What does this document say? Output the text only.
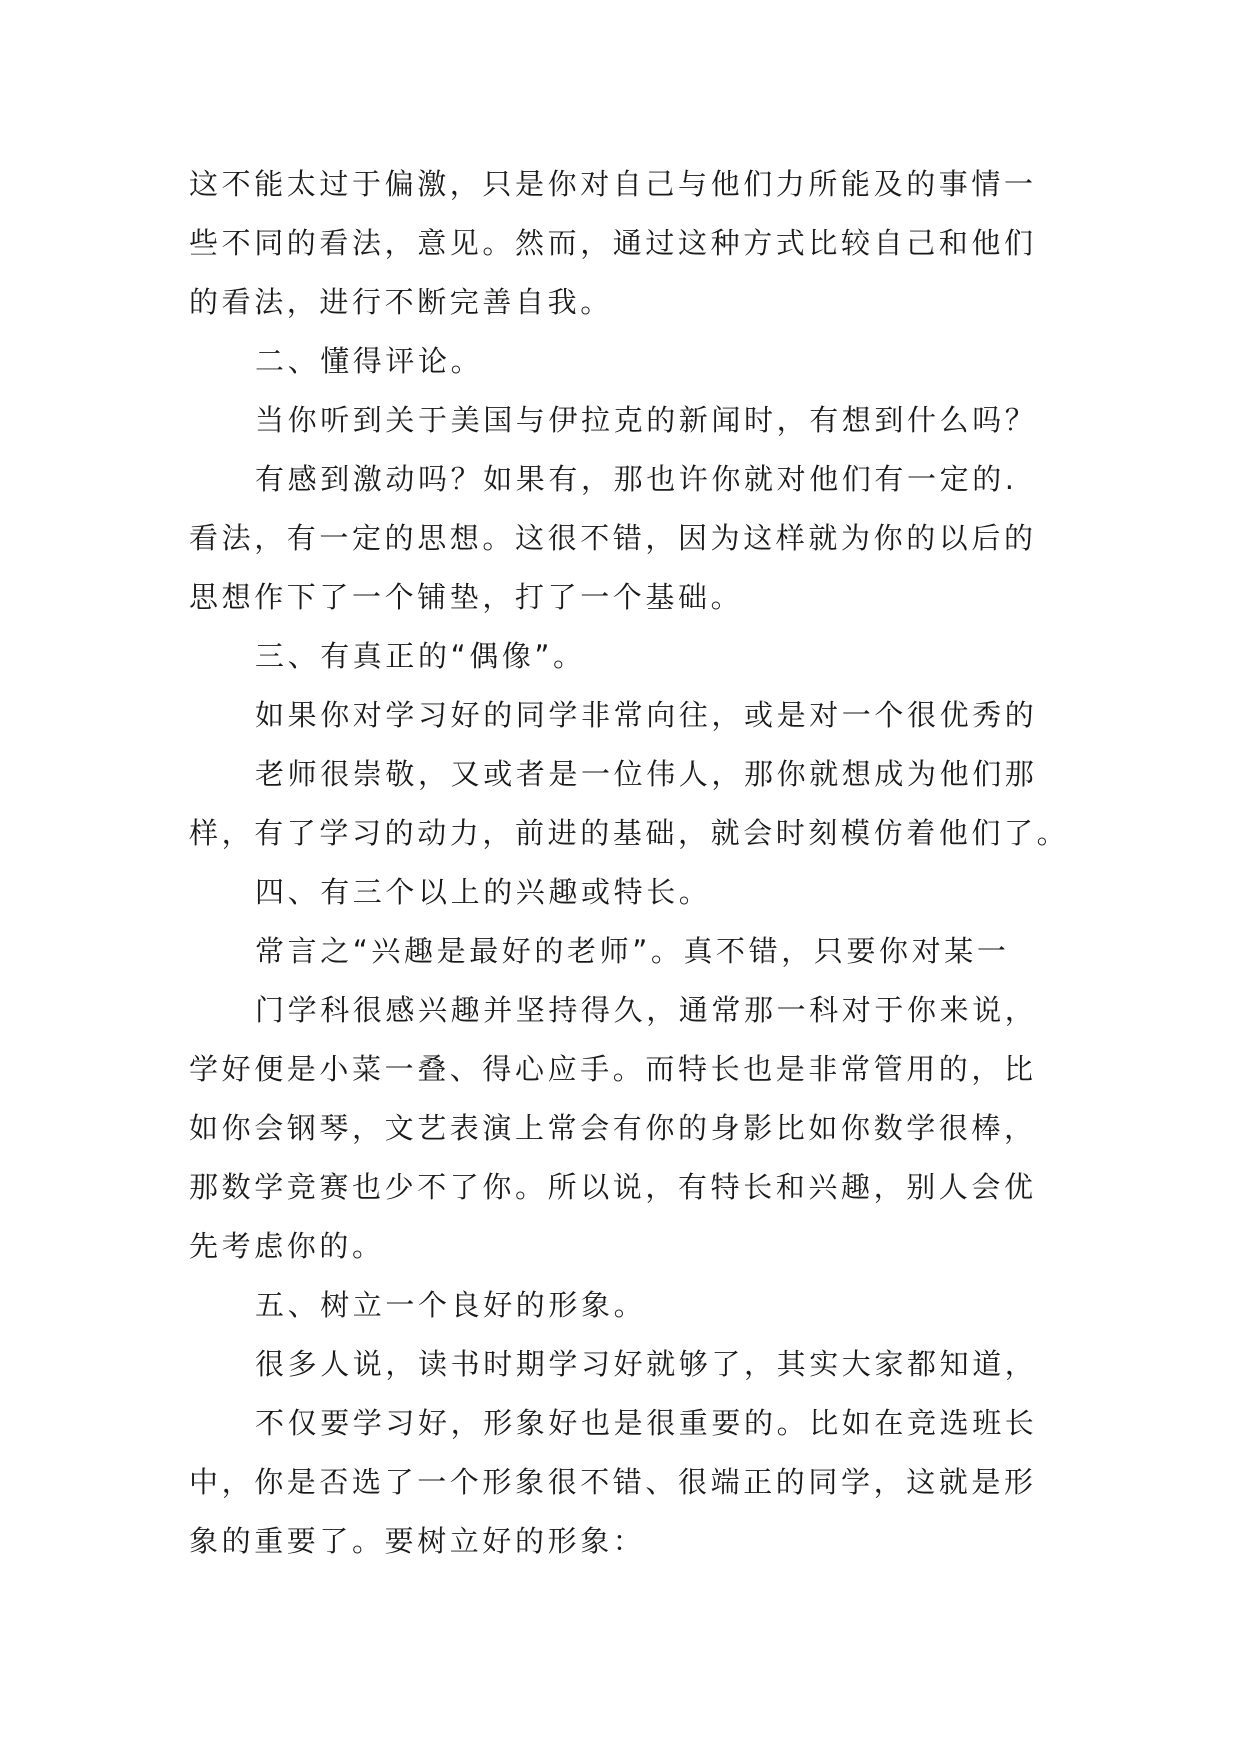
这不能太过于偏激，只是你对自己与他们力所能及的事情一
些不同的看法，意见。然而，通过这种方式比较自己和他们
的看法，进行不断完善自我。
二、懂得评论。
当你听到关于美国与伊拉克的新闻时，有想到什么吗？
有感到激动吗？如果有，那也许你就对他们有一定的.
看法，有一定的思想。这很不错，因为这样就为你的以后的
思想作下了一个铺垫，打了一个基础。
三、有真正的“偶像”。
如果你对学习好的同学非常向往，或是对一个很优秀的
老师很崇敬，又或者是一位伟人，那你就想成为他们那
样，有了学习的动力，前进的基础，就会时刻模仿着他们了。
四、有三个以上的兴趣或特长。
常言之“兴趣是最好的老师”。真不错，只要你对某一
门学科很感兴趣并坚持得久，通常那一科对于你来说，
学好便是小菜一叠、得心应手。而特长也是非常管用的，比
如你会钢琴，文艺表演上常会有你的身影比如你数学很棒，
那数学竞赛也少不了你。所以说，有特长和兴趣，别人会优
先考虑你的。
五、树立一个良好的形象。
很多人说，读书时期学习好就够了，其实大家都知道，
不仅要学习好，形象好也是很重要的。比如在竞选班长
中，你是否选了一个形象很不错、很端正的同学，这就是形
象的重要了。要树立好的形象：
